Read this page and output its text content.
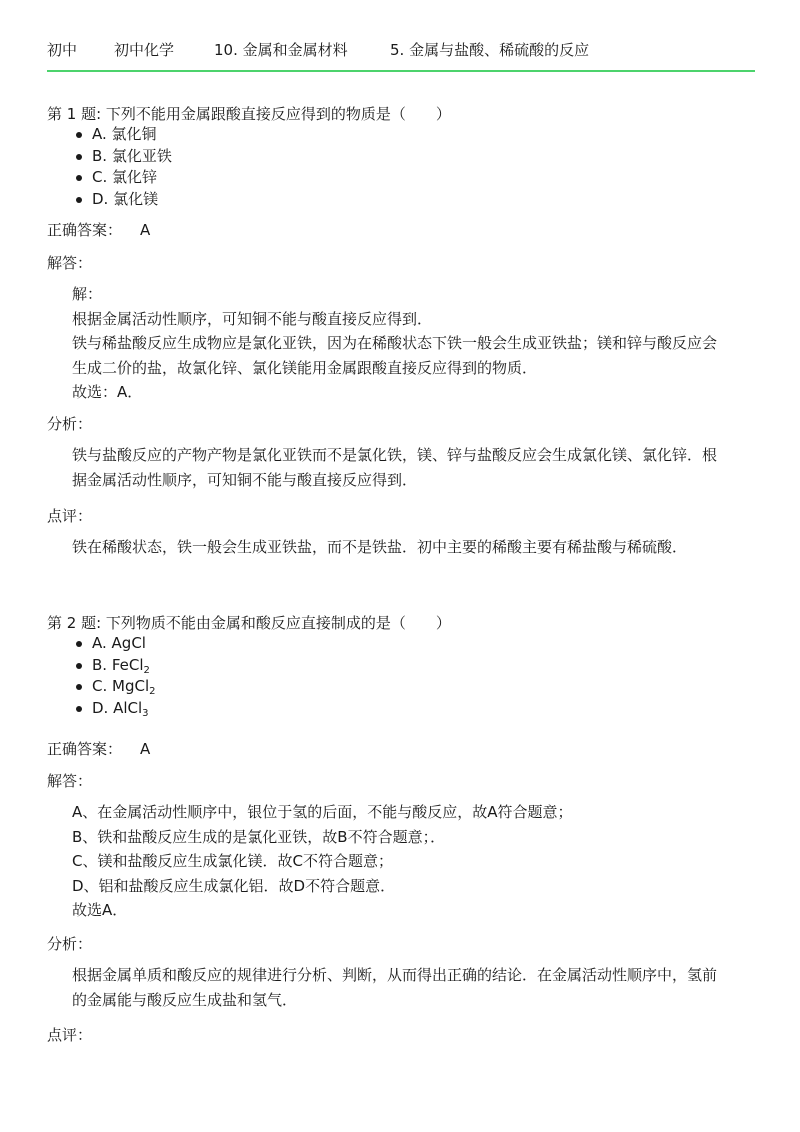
初中 初中化学	10. 金属和金属材料	5. 金属与盐酸、稀硫酸的反应
第 1 题: 下列不能用金属跟酸直接反应得到的物质是（　　）
A. 氯化铜
B. 氯化亚铁
C. 氯化锌
D. 氯化镁
正确答案： A
解答：

解：

根据金属活动性顺序，可知铜不能与酸直接反应得到．

铁与稀盐酸反应生成物应是氯化亚铁，因为在稀酸状态下铁一般会生成亚铁盐；镁和锌与酸反应会生成二价的盐，故氯化锌、氯化镁能用金属跟酸直接反应得到的物质．

故选：A．

分析：
铁与盐酸反应的产物产物是氯化亚铁而不是氯化铁，镁、锌与盐酸反应会生成氯化镁、氯化锌．根据金属活动性顺序，可知铜不能与酸直接反应得到．
点评：
铁在稀酸状态，铁一般会生成亚铁盐，而不是铁盐．初中主要的稀酸主要有稀盐酸与稀硫酸．
第 2 题: 下列物质不能由金属和酸反应直接制成的是（　　）
A. AgCl
B. FeCl$_2$
C. MgCl$_2$
D. AlCl$_3$
正确答案： A
解答：

A、在金属活动性顺序中，银位于氢的后面，不能与酸反应，故A符合题意；

B、铁和盐酸反应生成的是氯化亚铁，故B不符合题意；．

C、镁和盐酸反应生成氯化镁．故C不符合题意；

D、铝和盐酸反应生成氯化铝．故D不符合题意．

故选A．

分析：
根据金属单质和酸反应的规律进行分析、判断，从而得出正确的结论．在金属活动性顺序中，氢前的金属能与酸反应生成盐和氢气．
点评：
